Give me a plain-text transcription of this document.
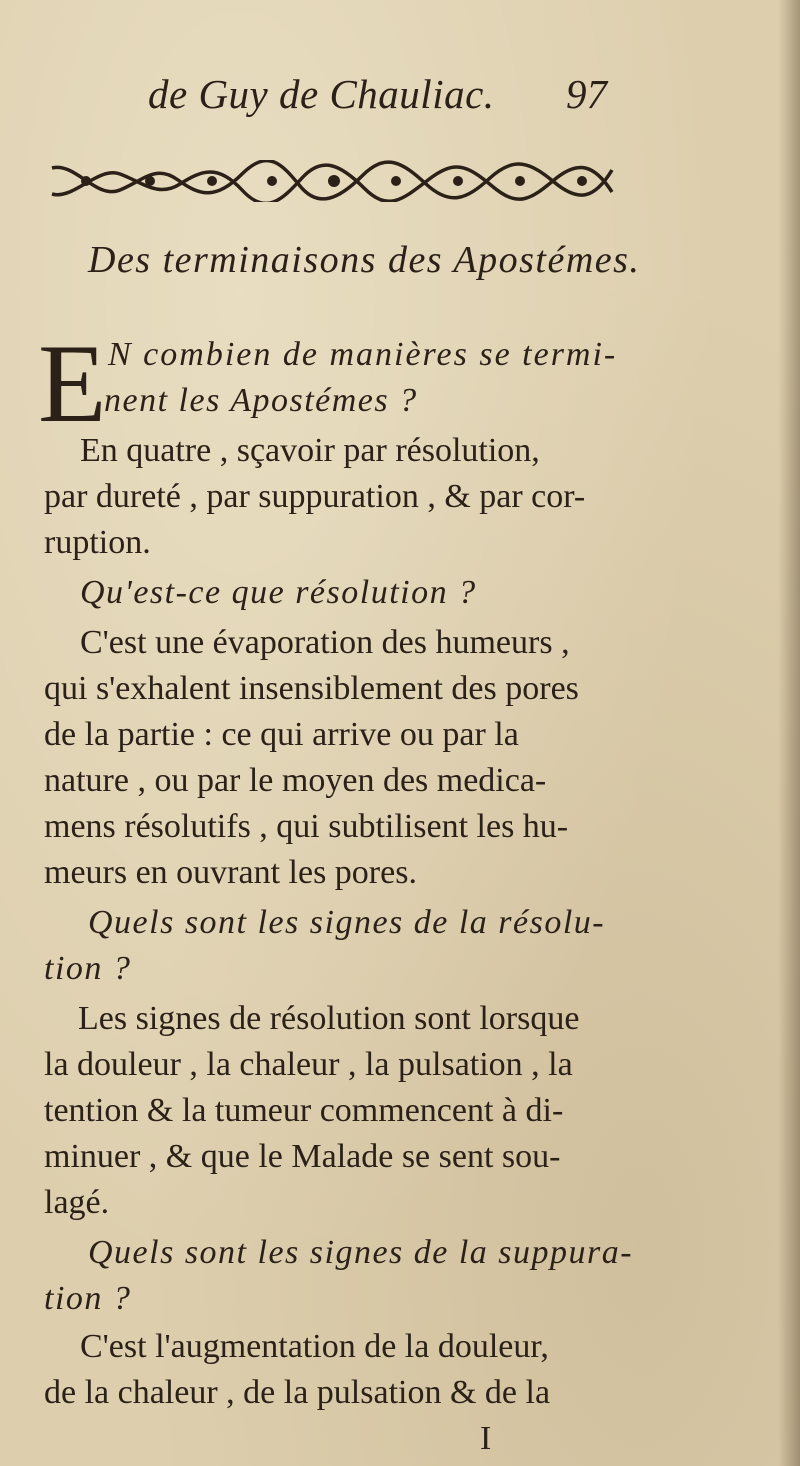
de Guy de Chauliac. 97
Des terminaisons des Apostémes.
E N combien de manières se termi-
nent les Apostémes ?
En quatre , sçavoir par résolution,
par dureté , par suppuration , & par cor-
ruption.
Qu'est-ce que résolution ?
C'est une évaporation des humeurs ,
qui s'exhalent insensiblement des pores
de la partie : ce qui arrive ou par la
nature , ou par le moyen des medica-
mens résolutifs , qui subtilisent les hu-
meurs en ouvrant les pores.
Quels sont les signes de la résolu-
tion ?
Les signes de résolution sont lorsque
la douleur , la chaleur , la pulsation , la
tention & la tumeur commencent à di-
minuer , & que le Malade se sent sou-
lagé.
Quels sont les signes de la suppura-
tion ?
C'est l'augmentation de la douleur,
de la chaleur , de la pulsation & de la
I
